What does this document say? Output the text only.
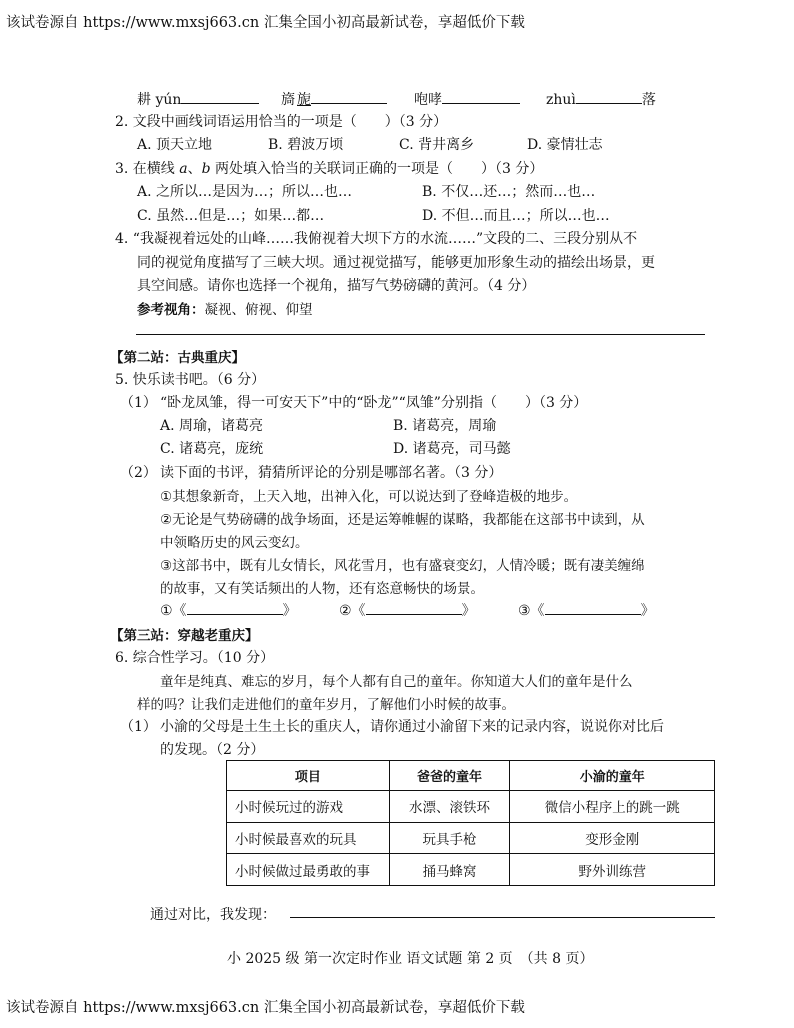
该试卷源自 https://www.mxsj663.cn 汇集全国小初高最新试卷，享超低价下载
耕 yún	旖 旎	咆哮	zhuì	落
2. 文段中画线词语运用恰当的一项是（　　）（3 分）
A. 顶天立地	B. 碧波万顷	C. 背井离乡	D. 豪情壮志
3. 在横线 a、b 两处填入恰当的关联词正确的一项是（　　）（3 分）
A. 之所以…是因为…；所以…也…	B. 不仅…还…；然而…也…
C. 虽然…但是…；如果…都…	D. 不但…而且…；所以…也…
4. “我凝视着远处的山峰……我俯视着大坝下方的水流……”文段的二、三段分别从不
同的视觉角度描写了三峡大坝。通过视觉描写，能够更加形象生动的描绘出场景，更
具空间感。请你也选择一个视角，描写气势磅礴的黄河。（4 分）
参考视角：凝视、俯视、仰望
【第二站：古典重庆】
5. 快乐读书吧。（6 分）
（1） “卧龙凤雏，得一可安天下”中的“卧龙”“凤雏”分别指（　　）（3 分）
A. 周瑜，诸葛亮	B. 诸葛亮，周瑜
C. 诸葛亮，庞统	D. 诸葛亮，司马懿
（2） 读下面的书评，猜猜所评论的分别是哪部名著。（3 分）
①其想象新奇，上天入地，出神入化，可以说达到了登峰造极的地步。
②无论是气势磅礴的战争场面，还是运筹帷幄的谋略，我都能在这部书中读到，从
中领略历史的风云变幻。
③这部书中，既有儿女情长，风花雪月，也有盛衰变幻，人情冷暖；既有凄美缠绵
的故事，又有笑话频出的人物，还有恣意畅快的场景。
①《	》	②《	》	③《	》
【第三站：穿越老重庆】
6. 综合性学习。（10 分）
童年是纯真、难忘的岁月，每个人都有自己的童年。你知道大人们的童年是什么
样的吗？让我们走进他们的童年岁月，了解他们小时候的故事。
（1） 小渝的父母是土生土长的重庆人，请你通过小渝留下来的记录内容，说说你对比后
的发现。（2 分）
项目	爸爸的童年	小渝的童年
小时候玩过的游戏	水漂、滚铁环	微信小程序上的跳一跳
小时候最喜欢的玩具	玩具手枪	变形金刚
小时候做过最勇敢的事	捅马蜂窝	野外训练营
通过对比，我发现：
小 2025 级 第一次定时作业 语文试题 第 2 页　（共 8 页）
该试卷源自 https://www.mxsj663.cn 汇集全国小初高最新试卷，享超低价下载
